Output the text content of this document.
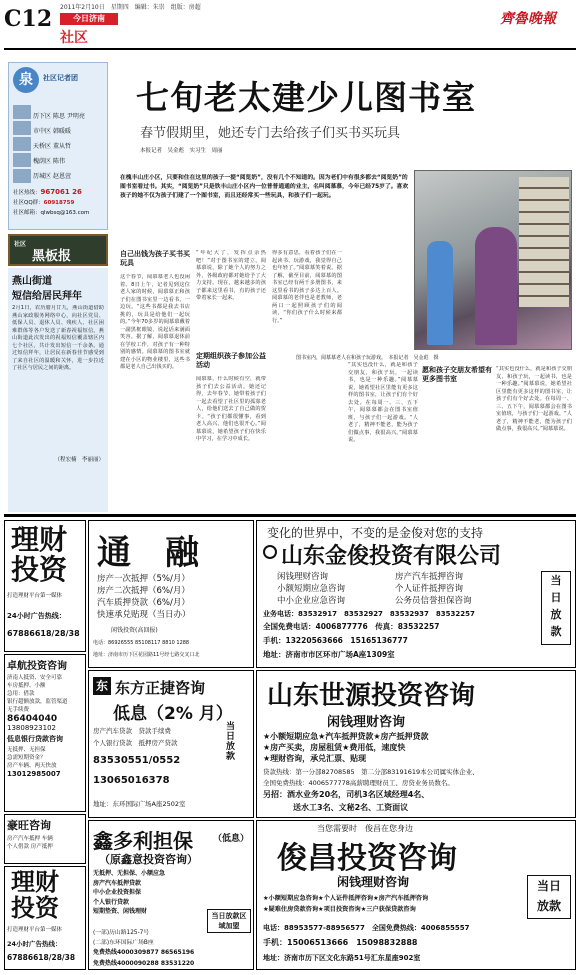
C12 2011年2月10日　星期四　编辑：朱崇　组版：房超
今日济南
社区
齊魯晚報
泉	社区记者团
历下区 陈思 尹明亮
市中区 韩暖暖
天桥区 董从哲
槐荫区 陈伟
历城区 赵恩萱
社区热线：967061 26
社区QQ群：60918759
社区邮箱：qlwbsq@163.com
社区
黑板报
燕山街道
短信给居民拜年
2月1日，农历腊月廿九，燕山街道借助燕山家政服务网络中心，向社区党员、低保人员、退休人员、残疾人、社区困难群体等各户发送了新春祝福短信。燕山街道此次发出的祝福短信覆盖辖区内七个社区，共计发出短信一千余条。通过短信拜年，让居民在新春佳节感受到了来自社区的温暖和关怀，进一步拉近了社区与居民之间的距离。
（程宏楠　李丽丽）
七旬老太建少儿图书室
春节假期里，她还专门去给孩子们买书买玩具
本报记者　吴金彪　实习生　周丽
在槐丰山庄小区，只要和住在这里的孩子一提“阅览奶”，没有几个不知道的。因为老们中有很多都去“阅览奶”的图书室看过书。其实，“阅览奶”只是铁丰山庄小区内一位普普通通的业主，名叫阅慕慕，今年已经75岁了。喜欢孩子的她不仅为孩子们建了一个图书室，而且还经常买一些玩具，和孩子们一起玩。
图书室内，阅慕慕老人在和孩子玩游戏。　本报记者　吴金彪　摄
自己出钱为孩子买书买玩具
这个春节，阅慕慕老人也没闲着。8日上午，记者见到这位老人家的时候，阅慕慕正和孩子们在图书室里一边看书，一边玩。“这些书都是我去书店挑的，玩具是给他们一起玩的。”今年70多岁的阅慕慕戴着一副黑框眼镜，说起话来满面笑容。据了解，阅慕慕退休前在学校工作，对孩子有一种特别的感情。阅慕慕的图书室就建在小区的物业楼里，这些书都是老人自己出钱买的。
“年纪大了，发挥点余热吧！”对于图书室的建立，阅慕慕说，除了她个人的努力之外，各级政府都对她给予了大力支持。现在，越来越多的孩子都来这里看书，有的孩子还带着家长一起来。
定期组织孩子参加公益活动
阅慕慕，什么时候有空，就带孩子们去公益活动。她还记得，去年春节，她带着孩子们一起去看望了社区里的孤寡老人，给他们送去了自己做的贺卡。“孩子们都很懂事，看到老人高兴，他们也很开心。”阅慕慕说，她希望孩子们在快乐中学习，在学习中成长。
得多有意思，看着孩子们在一起读书、玩游戏，我觉得自己也年轻了。”阅慕慕笑着说。据了解，截至目前，阅慕慕的图书室已经有两千多册图书，来这里看书的孩子多达上百人。阅慕慕的老伴也是老教师，老两口一起照顾孩子们的阅读，“你们孩子什么时候来都行。”
“其实也没什么，就是和孩子交朋友，和孩子玩，一起读书，也是一种乐趣。”阅慕慕说，她希望社区里能有更多这样的图书室，让孩子们有个好去处。在每周一、三、五下午，阅慕慕都会在图书室值班，与孩子们一起游戏。“人老了，精神不能老，能为孩子们做点事，我很高兴。”阅慕慕说。
愿和孩子交朋友希望有更多图书室
“其实也没什么，就是和孩子交朋友，和孩子玩，一起读书，也是一种乐趣。”阅慕慕说，她希望社区里能有更多这样的图书室，让孩子们有个好去处。在每周一、三、五下午，阅慕慕都会在图书室值班，与孩子们一起游戏。“人老了，精神不能老，能为孩子们做点事，我很高兴。”阅慕慕说。
理财
投资
打造理财平台第一媒体
24小时广告热线：
67886618/28/38
通　融
房产一次抵押（5%/月）
房产二次抵押（6%/月）
汽车质押贷款（6%/月）
快速承兑贴现（当日办）
闲钱投资(高回报)
电话：86926555 85108117 8810 1288
地址：济南市历下区花园路11号经七路交叉口北
变化的世界中，不变的是金俊对您的支持
山东金俊投资有限公司
闲钱理财咨询	房产汽车抵押咨询
小额短期应急咨询	个人证件抵押咨询
中小企业应急咨询	公务员信誉担保咨询
当
日
放
款
业务电话：83532917　83532927　83532937　83532257
全国免费电话：4006877776　 传真：83532257
手机：13220563666　15165136777
地址：济南市市区环市广场A座1309室
卓航投资咨询
济南人抵资、安全可靠
车房抵押、小额
急用：借款
银行超额放款，监管渠道
无手续费
86404040
13808923102
低息银行贷款咨询
无抵押、无担保
急需短期资金？
房产车辆、两天快放
13012985007
东 东方正捷咨询
低息（2% 月）
房产汽车贷款　 贷款手续费
个人银行贷款　 抵押房产贷款	当日放款
83530551/0552
13065016378
地址：东环国际广场A座2502室
山东世源投资咨询
闲钱理财咨询
★小额短期应急★汽车抵押贷款★房产抵押贷款
★房产买卖，房屋租赁★费用低，速度快
★理财咨询，承兑汇票、贴现
贷款热线：第一分部82708585　第二分部83191619本公司属实体企业、
全国免费热线：4006577778高薪聘理财员工、房贷业务员数名。
另招：酒水业务20名，司机3名区域经理4名、
送水工3名、文秘2名、工资面议
豪旺咨询
房产汽车抵押 车辆
个人借款 房产抵押
理财
投资
打造理财平台第一媒体
24小时广告热线：
67886618/28/38
鑫多利担保 （低息）
（原鑫意投资咨询）
无抵押、无担保、小额应急
房产汽车抵押贷款
中小企业投资担保
个人银行贷款
短期垫资、闲钱理财
当日放款区域加盟
(一部)历山路125-7号
(二部)东环国际广场B座
免费热线4000309877 86565196
免费热线4000090288 83531220
当您需要时　俊昌在您身边
俊昌投资咨询
闲钱理财咨询	当日
放款
★小额短期应急咨询★个人证件抵押咨询★房产汽车抵押咨询
★疑难住房贷款咨询★项目投资咨询★三户获保贷款咨询
电话：88953577-88956577　全国免费热线：4006855557
手机：15006513666　15098832888
地址：济南市历下区文化东路51号汇东星座902室
